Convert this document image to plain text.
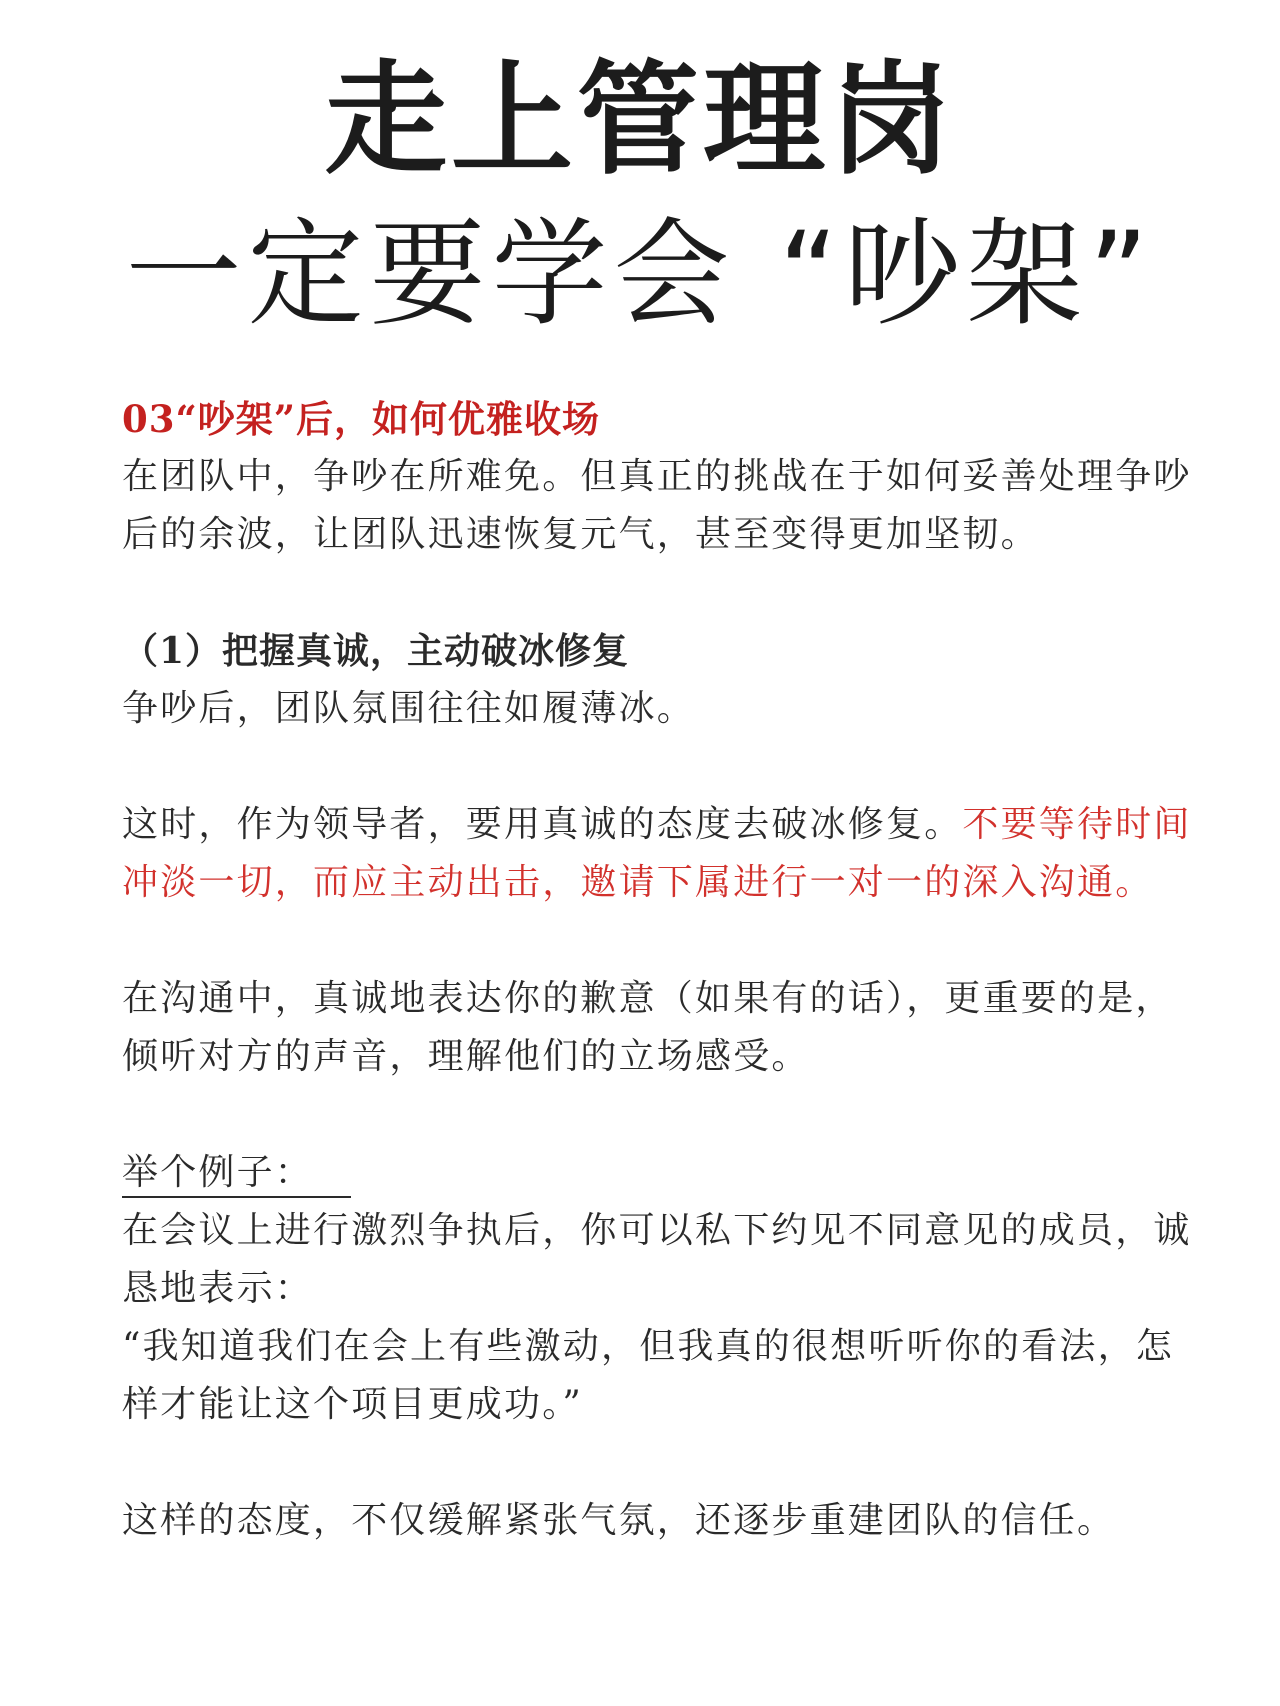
走上管理岗
一定要学会 “吵架”

03“吵架”后，如何优雅收场

在团队中，争吵在所难免。但真正的挑战在于如何妥善处理争吵

后的余波，让团队迅速恢复元气，甚至变得更加坚韧。

（1）把握真诚，主动破冰修复

争吵后，团队氛围往往如履薄冰。

这时，作为领导者，要用真诚的态度去破冰修复。不要等待时间

冲淡一切，而应主动出击，邀请下属进行一对一的深入沟通。

在沟通中，真诚地表达你的歉意（如果有的话），更重要的是，

倾听对方的声音，理解他们的立场感受。

举个例子：

在会议上进行激烈争执后，你可以私下约见不同意见的成员，诚

恳地表示：

“我知道我们在会上有些激动，但我真的很想听听你的看法，怎

样才能让这个项目更成功。”

这样的态度，不仅缓解紧张气氛，还逐步重建团队的信任。
